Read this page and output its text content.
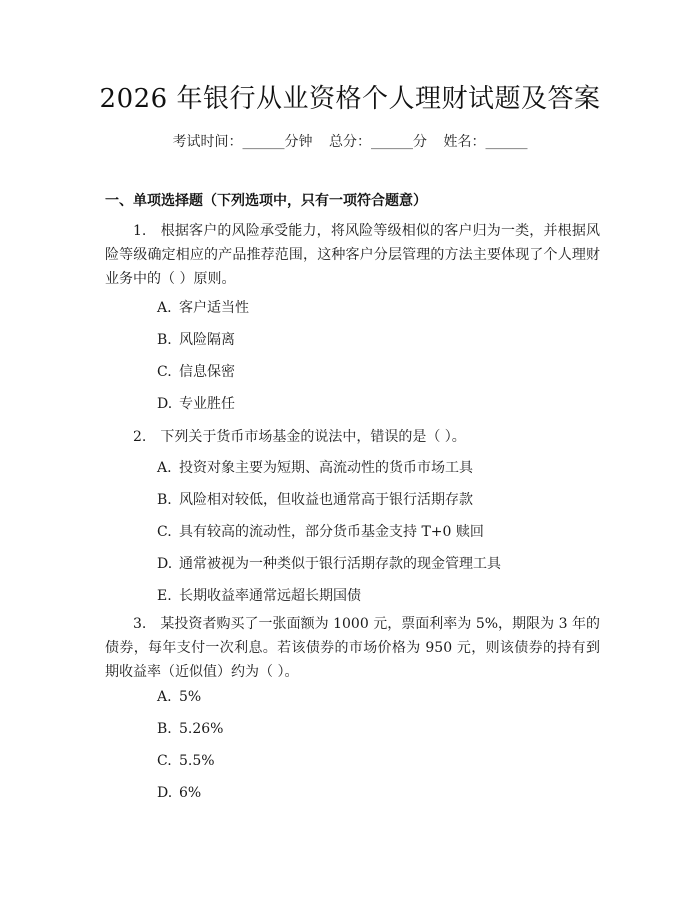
2026 年银行从业资格个人理财试题及答案
考试时间：______分钟 总分：______分 姓名：______
一、单项选择题（下列选项中，只有一项符合题意）
1.　根据客户的风险承受能力，将风险等级相似的客户归为一类，并根据风险等级确定相应的产品推荐范围，这种客户分层管理的方法主要体现了个人理财业务中的（ ）原则。
A. 客户适当性
B. 风险隔离
C. 信息保密
D. 专业胜任
2.　下列关于货币市场基金的说法中，错误的是（ ）。
A. 投资对象主要为短期、高流动性的货币市场工具
B. 风险相对较低，但收益也通常高于银行活期存款
C. 具有较高的流动性，部分货币基金支持 T+0 赎回
D. 通常被视为一种类似于银行活期存款的现金管理工具
E. 长期收益率通常远超长期国债
3.　某投资者购买了一张面额为 1000 元，票面利率为 5%，期限为 3 年的债券，每年支付一次利息。若该债券的市场价格为 950 元，则该债券的持有到期收益率（近似值）约为（ ）。
A. 5%
B. 5.26%
C. 5.5%
D. 6%
